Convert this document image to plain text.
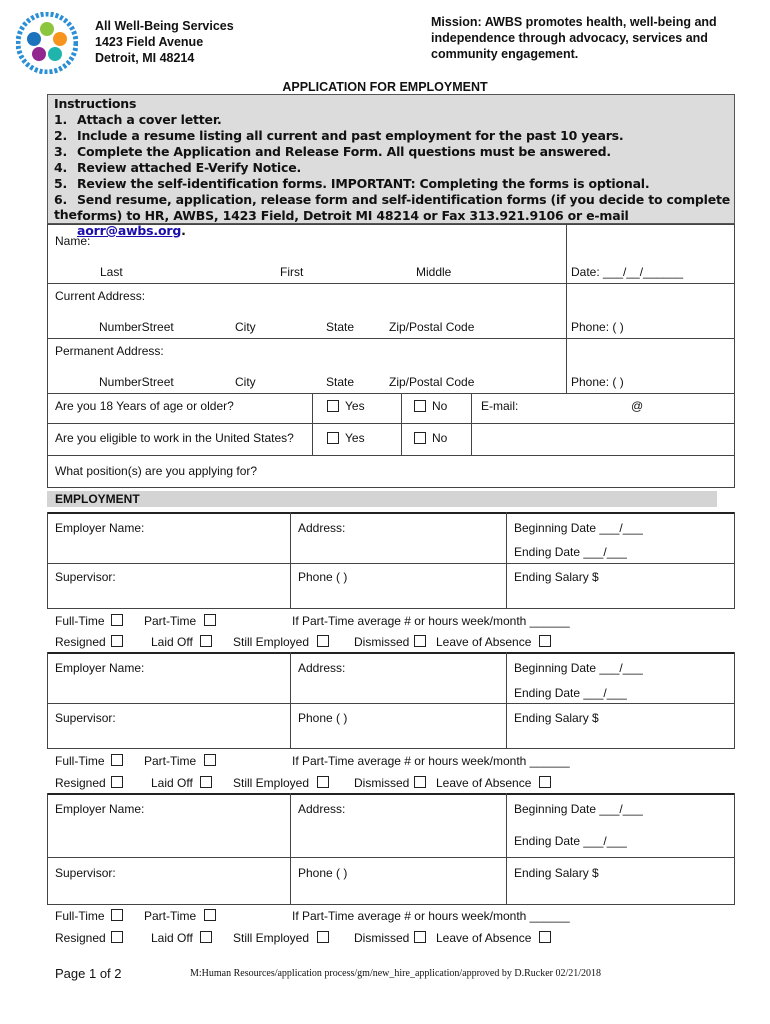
All Well-Being Services
1423 Field Avenue
Detroit, MI 48214
Mission: AWBS promotes health, well-being and independence through advocacy, services and community engagement.
APPLICATION FOR EMPLOYMENT
Instructions
1. Attach a cover letter.
2. Include a resume listing all current and past employment for the past 10 years.
3. Complete the Application and Release Form. All questions must be answered.
4. Review attached E-Verify Notice.
5. Review the self-identification forms. IMPORTANT: Completing the forms is optional.
6. Send resume, application, release form and self-identification forms (if you decide to complete the forms) to HR, AWBS, 1423 Field, Detroit MI 48214 or Fax 313.921.9106 or e-mail aorr@awbs.org.
Name:
Last	First	Middle	Date: ___/__/______
Current Address:
NumberStreet	City	State	Zip/Postal Code	Phone: ( )
Permanent Address:
NumberStreet	City	State	Zip/Postal Code	Phone: ( )
Are you 18 Years of age or older?	Yes	No	E-mail:	@
Are you eligible to work in the United States?	Yes	No
What position(s) are you applying for?
EMPLOYMENT
Employer Name:	Address:	Beginning Date ___/___
Ending Date ___/___
Supervisor:	Phone ( )	Ending Salary $
Full-Time	Part-Time	If Part-Time average # or hours week/month ______
Resigned	Laid Off	Still Employed	Dismissed Leave of Absence
Employer Name:	Address:	Beginning Date ___/___
Ending Date ___/___
Supervisor:	Phone ( )	Ending Salary $
Full-Time	Part-Time	If Part-Time average # or hours week/month ______
Resigned	Laid Off	Still Employed	Dismissed Leave of Absence
Employer Name:	Address:	Beginning Date ___/___
Ending Date ___/___
Supervisor:	Phone ( )	Ending Salary $
Full-Time	Part-Time	If Part-Time average # or hours week/month ______
Resigned	Laid Off	Still Employed	Dismissed Leave of Absence
Page 1 of 2	M:Human Resources/application process/gm/new_hire_application/approved by D.Rucker 02/21/2018
